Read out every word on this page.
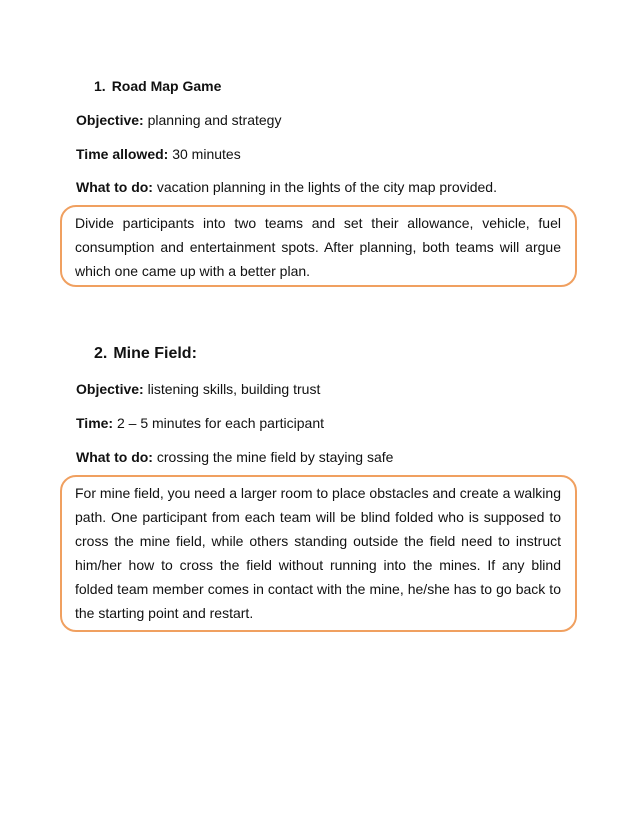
1. Road Map Game
Objective: planning and strategy
Time allowed: 30 minutes
What to do: vacation planning in the lights of the city map provided.
Divide participants into two teams and set their allowance, vehicle, fuel consumption and entertainment spots. After planning, both teams will argue which one came up with a better plan.
2. Mine Field:
Objective: listening skills, building trust
Time: 2 – 5 minutes for each participant
What to do: crossing the mine field by staying safe
For mine field, you need a larger room to place obstacles and create a walking path. One participant from each team will be blind folded who is supposed to cross the mine field, while others standing outside the field need to instruct him/her how to cross the field without running into the mines. If any blind folded team member comes in contact with the mine, he/she has to go back to the starting point and restart.
